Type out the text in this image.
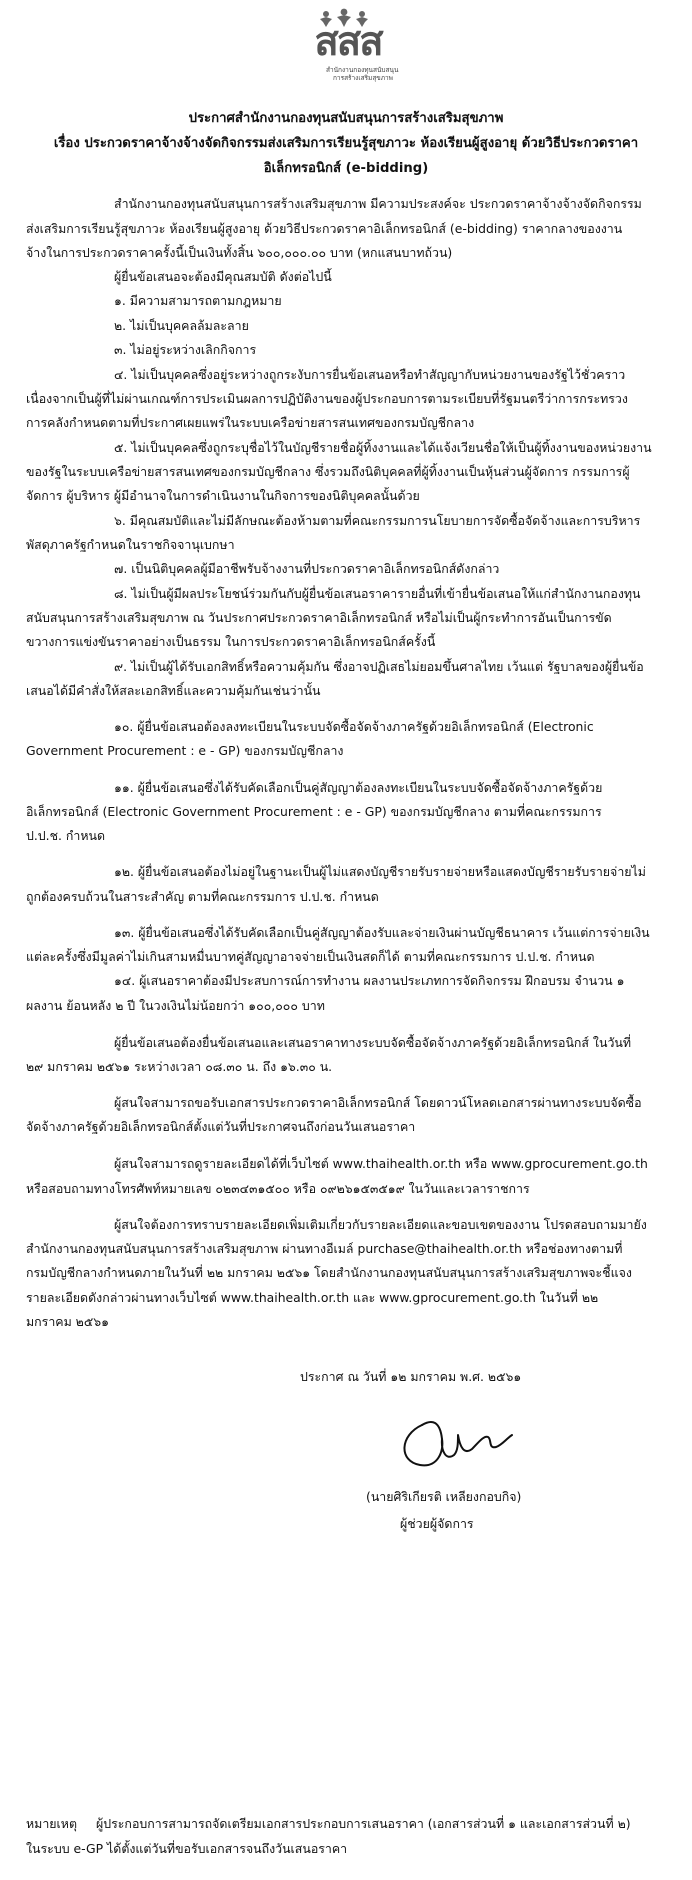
สสส
สำนักงานกองทุนสนับสนุน
การสร้างเสริมสุขภาพ
ประกาศสำนักงานกองทุนสนับสนุนการสร้างเสริมสุขภาพ
เรื่อง ประกวดราคาจ้างจ้างจัดกิจกรรมส่งเสริมการเรียนรู้สุขภาวะ ห้องเรียนผู้สูงอายุ ด้วยวิธีประกวดราคา
อิเล็กทรอนิกส์ (e-bidding)
สำนักงานกองทุนสนับสนุนการสร้างเสริมสุขภาพ มีความประสงค์จะ ประกวดราคาจ้างจ้างจัดกิจกรรม
ส่งเสริมการเรียนรู้สุขภาวะ ห้องเรียนผู้สูงอายุ ด้วยวิธีประกวดราคาอิเล็กทรอนิกส์ (e-bidding) ราคากลางของงาน
จ้างในการประกวดราคาครั้งนี้เป็นเงินทั้งสิ้น ๖๐๐,๐๐๐.๐๐ บาท (หกแสนบาทถ้วน)
ผู้ยื่นข้อเสนอจะต้องมีคุณสมบัติ ดังต่อไปนี้
๑. มีความสามารถตามกฎหมาย
๒. ไม่เป็นบุคคลล้มละลาย
๓. ไม่อยู่ระหว่างเลิกกิจการ
๔. ไม่เป็นบุคคลซึ่งอยู่ระหว่างถูกระงับการยื่นข้อเสนอหรือทำสัญญากับหน่วยงานของรัฐไว้ชั่วคราว
เนื่องจากเป็นผู้ที่ไม่ผ่านเกณฑ์การประเมินผลการปฏิบัติงานของผู้ประกอบการตามระเบียบที่รัฐมนตรีว่าการกระทรวง
การคลังกำหนดตามที่ประกาศเผยแพร่ในระบบเครือข่ายสารสนเทศของกรมบัญชีกลาง
๕. ไม่เป็นบุคคลซึ่งถูกระบุชื่อไว้ในบัญชีรายชื่อผู้ทิ้งงานและได้แจ้งเวียนชื่อให้เป็นผู้ทิ้งงานของหน่วยงาน
ของรัฐในระบบเครือข่ายสารสนเทศของกรมบัญชีกลาง ซึ่งรวมถึงนิติบุคคลที่ผู้ทิ้งงานเป็นหุ้นส่วนผู้จัดการ กรรมการผู้
จัดการ ผู้บริหาร ผู้มีอำนาจในการดำเนินงานในกิจการของนิติบุคคลนั้นด้วย
๖. มีคุณสมบัติและไม่มีลักษณะต้องห้ามตามที่คณะกรรมการนโยบายการจัดซื้อจัดจ้างและการบริหาร
พัสดุภาครัฐกำหนดในราชกิจจานุเบกษา
๗. เป็นนิติบุคคลผู้มีอาชีพรับจ้างงานที่ประกวดราคาอิเล็กทรอนิกส์ดังกล่าว
๘. ไม่เป็นผู้มีผลประโยชน์ร่วมกันกับผู้ยื่นข้อเสนอราคารายอื่นที่เข้ายื่นข้อเสนอให้แก่สำนักงานกองทุน
สนับสนุนการสร้างเสริมสุขภาพ ณ วันประกาศประกวดราคาอิเล็กทรอนิกส์ หรือไม่เป็นผู้กระทำการอันเป็นการขัด
ขวางการแข่งขันราคาอย่างเป็นธรรม ในการประกวดราคาอิเล็กทรอนิกส์ครั้งนี้
๙. ไม่เป็นผู้ได้รับเอกสิทธิ์หรือความคุ้มกัน ซึ่งอาจปฏิเสธไม่ยอมขึ้นศาลไทย เว้นแต่ รัฐบาลของผู้ยื่นข้อ
เสนอได้มีคำสั่งให้สละเอกสิทธิ์และความคุ้มกันเช่นว่านั้น
๑๐. ผู้ยื่นข้อเสนอต้องลงทะเบียนในระบบจัดซื้อจัดจ้างภาครัฐด้วยอิเล็กทรอนิกส์ (Electronic
Government Procurement : e - GP) ของกรมบัญชีกลาง
๑๑. ผู้ยื่นข้อเสนอซึ่งได้รับคัดเลือกเป็นคู่สัญญาต้องลงทะเบียนในระบบจัดซื้อจัดจ้างภาครัฐด้วย
อิเล็กทรอนิกส์ (Electronic Government Procurement : e - GP) ของกรมบัญชีกลาง ตามที่คณะกรรมการ
ป.ป.ช. กำหนด
๑๒. ผู้ยื่นข้อเสนอต้องไม่อยู่ในฐานะเป็นผู้ไม่แสดงบัญชีรายรับรายจ่ายหรือแสดงบัญชีรายรับรายจ่ายไม่
ถูกต้องครบถ้วนในสาระสำคัญ ตามที่คณะกรรมการ ป.ป.ช. กำหนด
๑๓. ผู้ยื่นข้อเสนอซึ่งได้รับคัดเลือกเป็นคู่สัญญาต้องรับและจ่ายเงินผ่านบัญชีธนาคาร เว้นแต่การจ่ายเงิน
แต่ละครั้งซึ่งมีมูลค่าไม่เกินสามหมื่นบาทคู่สัญญาอาจจ่ายเป็นเงินสดก็ได้ ตามที่คณะกรรมการ ป.ป.ช. กำหนด
๑๔. ผู้เสนอราคาต้องมีประสบการณ์การทำงาน ผลงานประเภทการจัดกิจกรรม ฝึกอบรม จำนวน ๑
ผลงาน ย้อนหลัง ๒ ปี ในวงเงินไม่น้อยกว่า ๑๐๐,๐๐๐ บาท
ผู้ยื่นข้อเสนอต้องยื่นข้อเสนอและเสนอราคาทางระบบจัดซื้อจัดจ้างภาครัฐด้วยอิเล็กทรอนิกส์ ในวันที่
๒๙ มกราคม ๒๕๖๑ ระหว่างเวลา ๐๘.๓๐ น. ถึง ๑๖.๓๐ น.
ผู้สนใจสามารถขอรับเอกสารประกวดราคาอิเล็กทรอนิกส์ โดยดาวน์โหลดเอกสารผ่านทางระบบจัดซื้อ
จัดจ้างภาครัฐด้วยอิเล็กทรอนิกส์ตั้งแต่วันที่ประกาศจนถึงก่อนวันเสนอราคา
ผู้สนใจสามารถดูรายละเอียดได้ที่เว็บไซต์ www.thaihealth.or.th หรือ www.gprocurement.go.th
หรือสอบถามทางโทรศัพท์หมายเลข ๐๒๓๔๓๑๕๐๐ หรือ ๐๙๒๖๑๕๓๕๑๙ ในวันและเวลาราชการ
ผู้สนใจต้องการทราบรายละเอียดเพิ่มเติมเกี่ยวกับรายละเอียดและขอบเขตของงาน โปรดสอบถามมายัง
สำนักงานกองทุนสนับสนุนการสร้างเสริมสุขภาพ ผ่านทางอีเมล์ purchase@thaihealth.or.th หรือช่องทางตามที่
กรมบัญชีกลางกำหนดภายในวันที่ ๒๒ มกราคม ๒๕๖๑ โดยสำนักงานกองทุนสนับสนุนการสร้างเสริมสุขภาพจะชี้แจง
รายละเอียดดังกล่าวผ่านทางเว็บไซต์ www.thaihealth.or.th และ www.gprocurement.go.th ในวันที่ ๒๒
มกราคม ๒๕๖๑
ประกาศ ณ วันที่ ๑๒ มกราคม พ.ศ. ๒๕๖๑
(นายศิริเกียรติ เหลียงกอบกิจ)
ผู้ช่วยผู้จัดการ
หมายเหตุ	ผู้ประกอบการสามารถจัดเตรียมเอกสารประกอบการเสนอราคา (เอกสารส่วนที่ ๑ และเอกสารส่วนที่ ๒)
ในระบบ e-GP ได้ตั้งแต่วันที่ขอรับเอกสารจนถึงวันเสนอราคา
